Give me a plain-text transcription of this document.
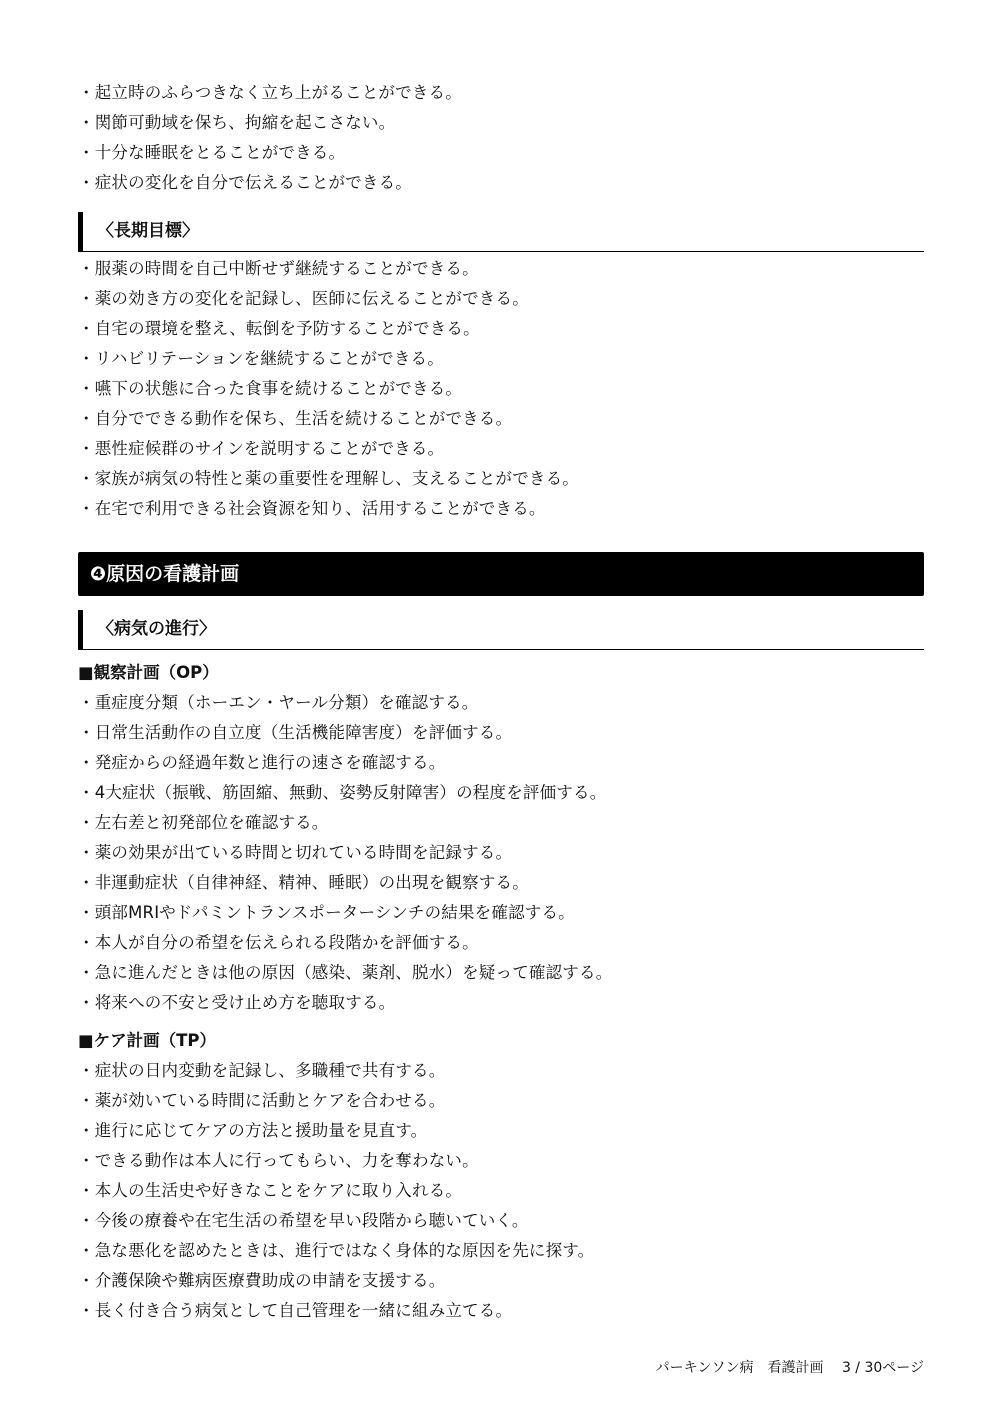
・起立時のふらつきなく立ち上がることができる。
・関節可動域を保ち、拘縮を起こさない。
・十分な睡眠をとることができる。
・症状の変化を自分で伝えることができる。
〈長期目標〉
・服薬の時間を自己中断せず継続することができる。
・薬の効き方の変化を記録し、医師に伝えることができる。
・自宅の環境を整え、転倒を予防することができる。
・リハビリテーションを継続することができる。
・嚥下の状態に合った食事を続けることができる。
・自分でできる動作を保ち、生活を続けることができる。
・悪性症候群のサインを説明することができる。
・家族が病気の特性と薬の重要性を理解し、支えることができる。
・在宅で利用できる社会資源を知り、活用することができる。
❹原因の看護計画
〈病気の進行〉
■観察計画（OP）
・重症度分類（ホーエン・ヤール分類）を確認する。
・日常生活動作の自立度（生活機能障害度）を評価する。
・発症からの経過年数と進行の速さを確認する。
・4大症状（振戦、筋固縮、無動、姿勢反射障害）の程度を評価する。
・左右差と初発部位を確認する。
・薬の効果が出ている時間と切れている時間を記録する。
・非運動症状（自律神経、精神、睡眠）の出現を観察する。
・頭部MRIやドパミントランスポーターシンチの結果を確認する。
・本人が自分の希望を伝えられる段階かを評価する。
・急に進んだときは他の原因（感染、薬剤、脱水）を疑って確認する。
・将来への不安と受け止め方を聴取する。
■ケア計画（TP）
・症状の日内変動を記録し、多職種で共有する。
・薬が効いている時間に活動とケアを合わせる。
・進行に応じてケアの方法と援助量を見直す。
・できる動作は本人に行ってもらい、力を奪わない。
・本人の生活史や好きなことをケアに取り入れる。
・今後の療養や在宅生活の希望を早い段階から聴いていく。
・急な悪化を認めたときは、進行ではなく身体的な原因を先に探す。
・介護保険や難病医療費助成の申請を支援する。
・長く付き合う病気として自己管理を一緒に組み立てる。
パーキンソン病　看護計画 3 / 30ページ
